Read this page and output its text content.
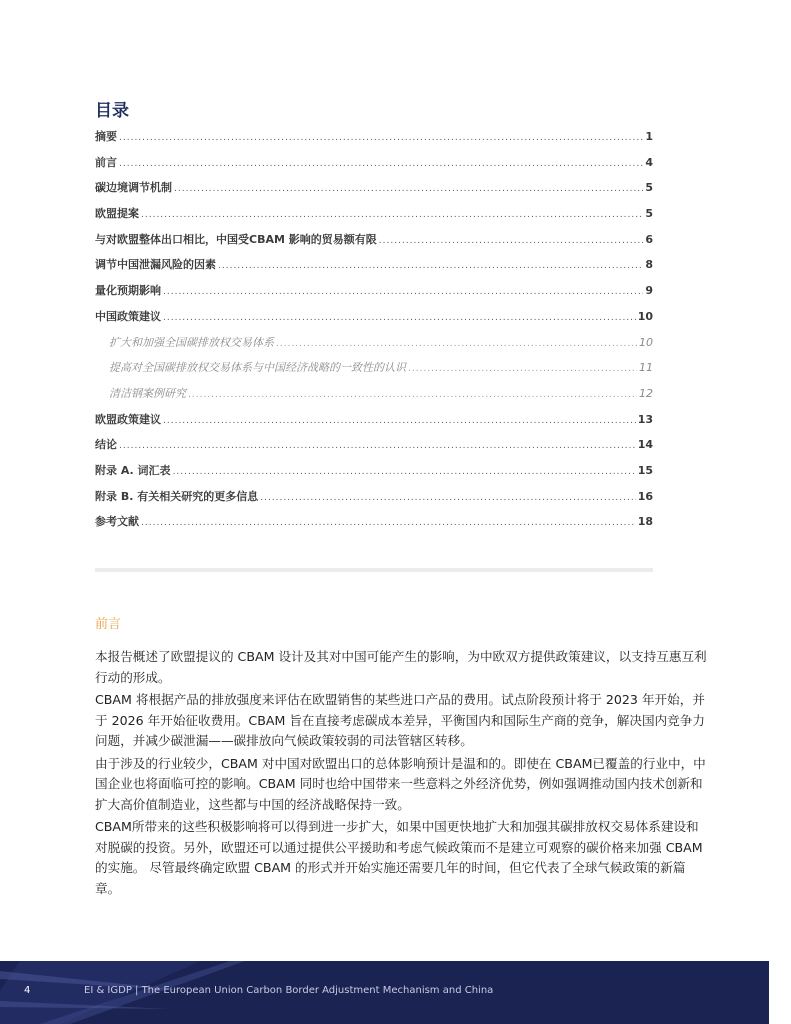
目录
摘要 .....	1
前言 .....	4
碳边境调节机制 .....	5
欧盟提案 .....	5
与对欧盟整体出口相比，中国受CBAM 影响的贸易额有限 .....	6
调节中国泄漏风险的因素 .....	8
量化预期影响 .....	9
中国政策建议 .....	10
扩大和加强全国碳排放权交易体系 .....	10
提高对全国碳排放权交易体系与中国经济战略的一致性的认识 .....	11
清洁钢案例研究 .....	12
欧盟政策建议 .....	13
结论 .....	14
附录 A. 词汇表 .....	15
附录 B. 有关相关研究的更多信息 .....	16
参考文献 .....	18
前言

本报告概述了欧盟提议的 CBAM 设计及其对中国可能产生的影响，为中欧双方提供政策建议，以支持互惠互利行动的形成。

CBAM 将根据产品的排放强度来评估在欧盟销售的某些进口产品的费用。试点阶段预计将于 2023 年开始，并于 2026 年开始征收费用。CBAM 旨在直接考虑碳成本差异，平衡国内和国际生产商的竞争，解决国内竞争力问题，并减少碳泄漏——碳排放向气候政策较弱的司法管辖区转移。

由于涉及的行业较少，CBAM 对中国对欧盟出口的总体影响预计是温和的。即使在 CBAM已覆盖的行业中，中国企业也将面临可控的影响。CBAM 同时也给中国带来一些意料之外经济优势，例如强调推动国内技术创新和扩大高价值制造业，这些都与中国的经济战略保持一致。

CBAM所带来的这些积极影响将可以得到进一步扩大，如果中国更快地扩大和加强其碳排放权交易体系建设和对脱碳的投资。另外，欧盟还可以通过提供公平援助和考虑气候政策而不是建立可观察的碳价格来加强 CBAM 的实施。 尽管最终确定欧盟 CBAM 的形式并开始实施还需要几年的时间，但它代表了全球气候政策的新篇章。

4	EI & IGDP | The European Union Carbon Border Adjustment Mechanism and China
